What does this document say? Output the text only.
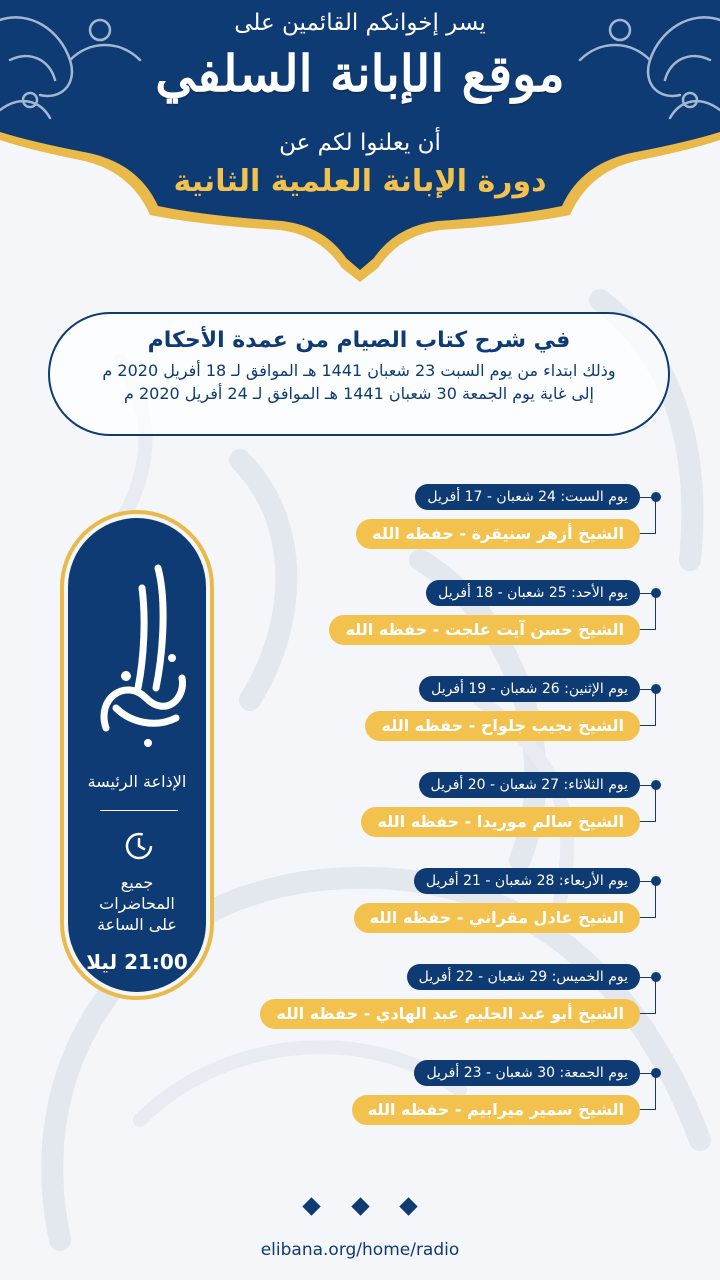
يسر إخوانكم القائمين على
موقع الإبانة السلفي
أن يعلنوا لكم عن
دورة الإبانة العلمية الثانية
في شرح كتاب الصيام من عمدة الأحكام
وذلك ابتداء من يوم السبت 23 شعبان 1441 هـ الموافق لـ 18 أفريل 2020 م
إلى غاية يوم الجمعة 30 شعبان 1441 هـ الموافق لـ 24 أفريل 2020 م
الإذاعة الرئيسة
جميع
المحاضرات
على الساعة
21:00 ليلا
يوم السبت: 24 شعبان - 17 أفريل
الشيخ أزهر سنيقرة - حفظه الله
يوم الأحد: 25 شعبان - 18 أفريل
الشيخ حسن آيت علجت - حفظه الله
يوم الإثنين: 26 شعبان - 19 أفريل
الشيخ نجيب جلواح - حفظه الله
يوم الثلاثاء: 27 شعبان - 20 أفريل
الشيخ سالم موريدا - حفظه الله
يوم الأربعاء: 28 شعبان - 21 أفريل
الشيخ عادل مقراني - حفظه الله
يوم الخميس: 29 شعبان - 22 أفريل
الشيخ أبو عبد الحليم عبد الهادي - حفظه الله
يوم الجمعة: 30 شعبان - 23 أفريل
الشيخ سمير ميرابيم - حفظه الله

elibana.org/home/radio
